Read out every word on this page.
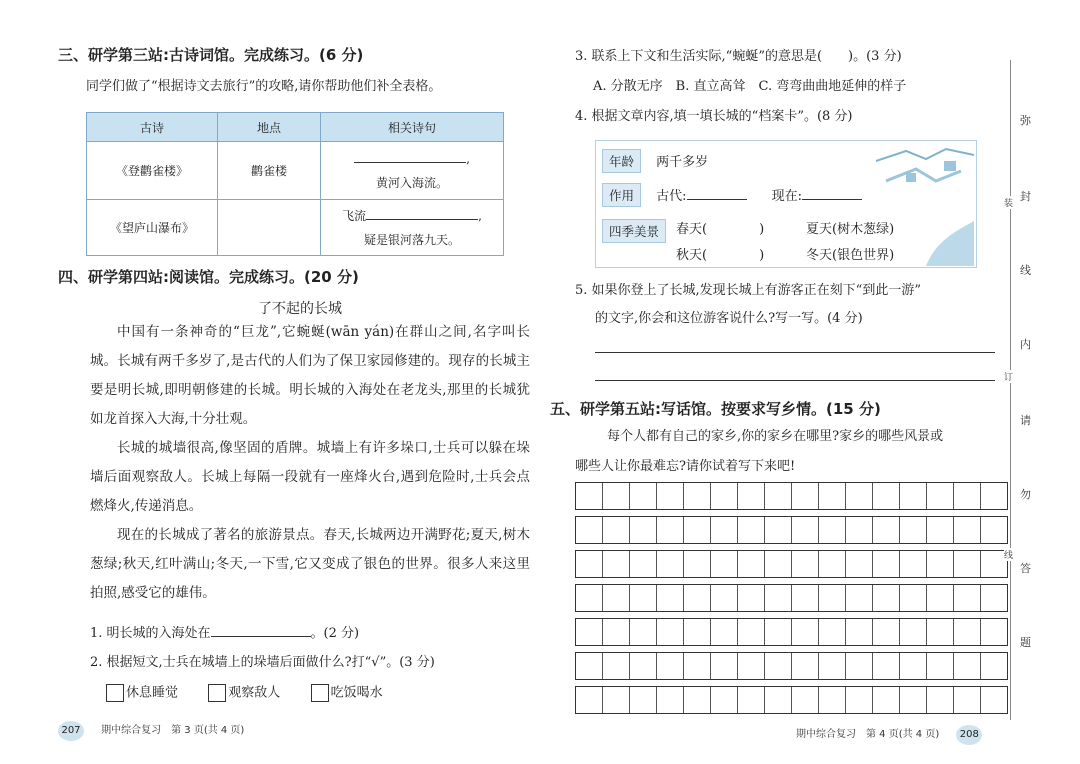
三、研学第三站:古诗词馆。完成练习。(6 分)
同学们做了“根据诗文去旅行”的攻略,请你帮助他们补全表格。
古诗	地点	相关诗句
《登鹳雀楼》	鹳雀楼	,
黄河入海流。
《望庐山瀑布》		飞流 ,
疑是银河落九天。
四、研学第四站:阅读馆。完成练习。(20 分)
了不起的长城

中国有一条神奇的“巨龙”,它蜿蜒(wān yán)在群山之间,名字叫长城。长城有两千多岁了,是古代的人们为了保卫家园修建的。现存的长城主要是明长城,即明朝修建的长城。明长城的入海处在老龙头,那里的长城犹如龙首探入大海,十分壮观。

长城的城墙很高,像坚固的盾牌。城墙上有许多垛口,士兵可以躲在垛墙后面观察敌人。长城上每隔一段就有一座烽火台,遇到危险时,士兵会点燃烽火,传递消息。

现在的长城成了著名的旅游景点。春天,长城两边开满野花;夏天,树木葱绿;秋天,红叶满山;冬天,一下雪,它又变成了银色的世界。很多人来这里拍照,感受它的雄伟。

1. 明长城的入海处在	。(2 分)
2. 根据短文,士兵在城墙上的垛墙后面做什么?打“√”。(3 分)
休息睡觉	观察敌人	吃饭喝水
207 期中综合复习　第 3 页(共 4 页)
3. 联系上下文和生活实际,“蜿蜒”的意思是(　　)。(3 分)
A. 分散无序　B. 直立高耸　C. 弯弯曲曲地延伸的样子
4. 根据文章内容,填一填长城的“档案卡”。(8 分)
年龄 两千多岁
作用 古代:	现在:
四季美景	春天(　　　　)	夏天(树木葱绿)
秋天(　　　　)	冬天(银色世界)
5. 如果你登上了长城,发现长城上有游客正在刻下“到此一游”
的文字,你会和这位游客说什么?写一写。(4 分)
五、研学第五站:写话馆。按要求写乡情。(15 分)
每个人都有自己的家乡,你的家乡在哪里?家乡的哪些风景或
哪些人让你最难忘?请你试着写下来吧!
期中综合复习　第 4 页(共 4 页) 208
弥
封
线
内
请
勿
答
题
装
订
线
